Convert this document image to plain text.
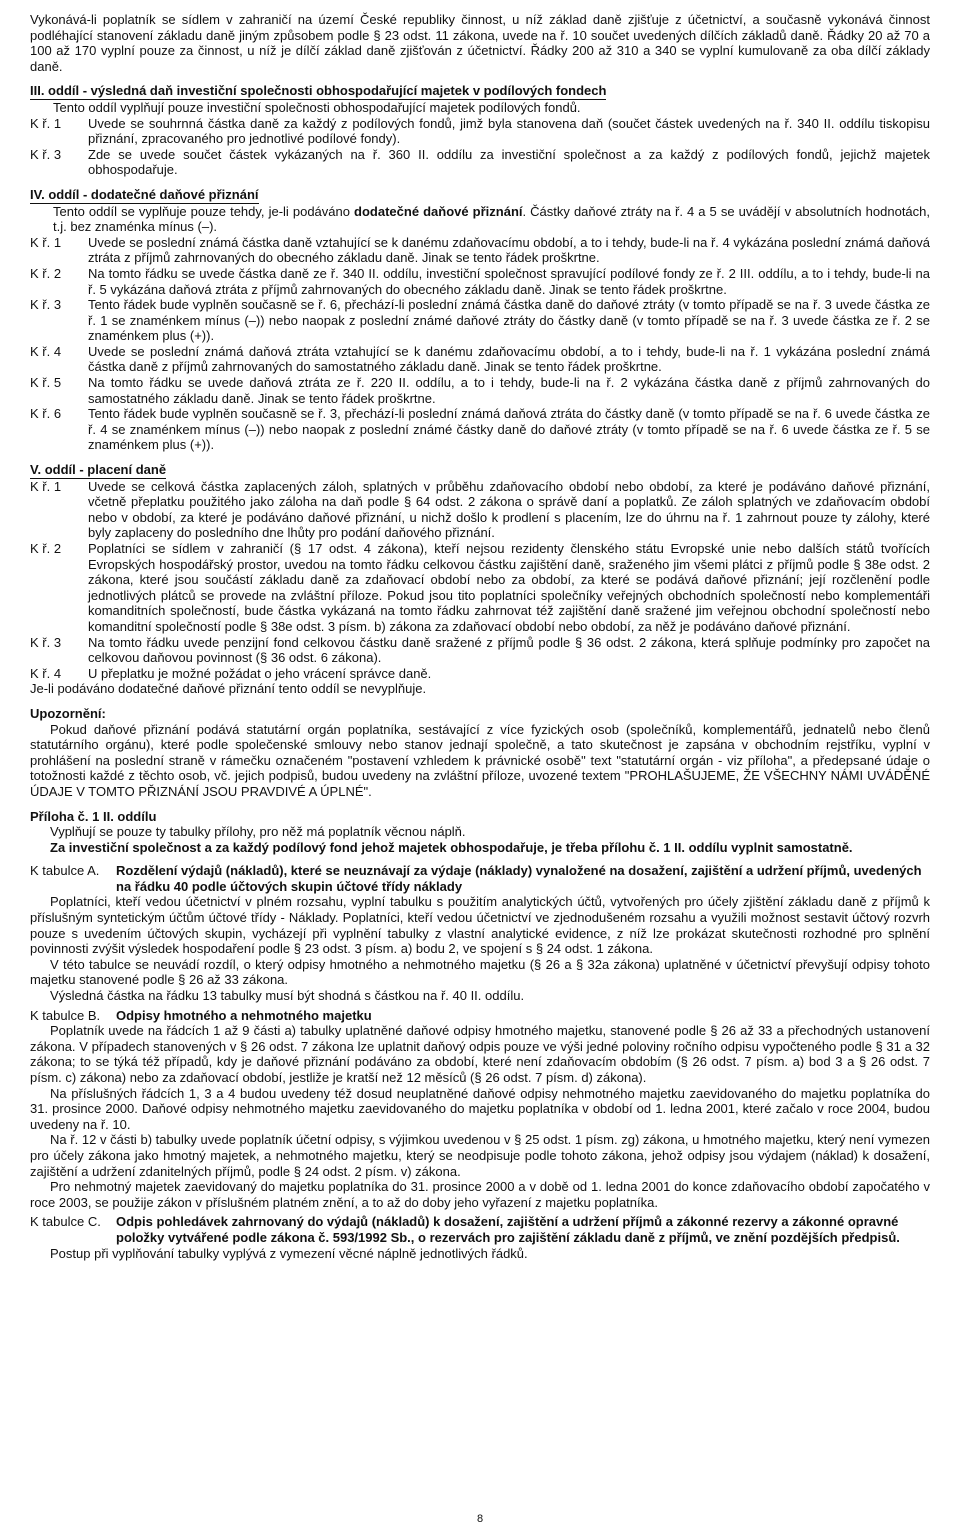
Vykonává-li poplatník se sídlem v zahraničí na území České republiky činnost, u níž základ daně zjišťuje z účetnictví, a současně vykonává činnost podléhající stanovení základu daně jiným způsobem podle § 23 odst. 11 zákona, uvede na ř. 10 součet uvedených dílčích základů daně. Řádky 20 až 70 a 100 až 170 vyplní pouze za činnost, u níž je dílčí základ daně zjišťován z účetnictví. Řádky 200 až 310 a 340 se vyplní kumulovaně za oba dílčí základy daně.

III. oddíl - výsledná daň investiční společnosti obhospodařující majetek v podílových fondech

Tento oddíl vyplňují pouze investiční společnosti obhospodařující majetek podílových fondů.

K ř. 1	Uvede se souhrnná částka daně za každý z podílových fondů, jimž byla stanovena daň (součet částek uvedených na ř. 340 II. oddílu tiskopisu přiznání, zpracovaného pro jednotlivé podílové fondy).
K ř. 3	Zde se uvede součet částek vykázaných na ř. 360 II. oddílu za investiční společnost a za každý z podílových fondů, jejichž majetek obhospodařuje.
IV. oddíl - dodatečné daňové přiznání

Tento oddíl se vyplňuje pouze tehdy, je-li podáváno dodatečné daňové přiznání. Částky daňové ztráty na ř. 4 a 5 se uvádějí v absolutních hodnotách, t.j. bez znaménka mínus (–).

K ř. 1	Uvede se poslední známá částka daně vztahující se k danému zdaňovacímu období, a to i tehdy, bude-li na ř. 4 vykázána poslední známá daňová ztráta z příjmů zahrnovaných do obecného základu daně. Jinak se tento řádek proškrtne.
K ř. 2	Na tomto řádku se uvede částka daně ze ř. 340 II. oddílu, investiční společnost spravující podílové fondy ze ř. 2 III. oddílu, a to i tehdy, bude-li na ř. 5 vykázána daňová ztráta z příjmů zahrnovaných do obecného základu daně. Jinak se tento řádek proškrtne.
K ř. 3	Tento řádek bude vyplněn současně se ř. 6, přechází-li poslední známá částka daně do daňové ztráty (v tomto případě se na ř. 3 uvede částka ze ř. 1 se znaménkem mínus (–)) nebo naopak z poslední známé daňové ztráty do částky daně (v tomto případě se na ř. 3 uvede částka ze ř. 2 se znaménkem plus (+)).
K ř. 4	Uvede se poslední známá daňová ztráta vztahující se k danému zdaňovacímu období, a to i tehdy, bude-li na ř. 1 vykázána poslední známá částka daně z příjmů zahrnovaných do samostatného základu daně. Jinak se tento řádek proškrtne.
K ř. 5	Na tomto řádku se uvede daňová ztráta ze ř. 220 II. oddílu, a to i tehdy, bude-li na ř. 2 vykázána částka daně z příjmů zahrnovaných do samostatného základu daně. Jinak se tento řádek proškrtne.
K ř. 6	Tento řádek bude vyplněn současně se ř. 3, přechází-li poslední známá daňová ztráta do částky daně (v tomto případě se na ř. 6 uvede částka ze ř. 4 se znaménkem mínus (–)) nebo naopak z poslední známé částky daně do daňové ztráty (v tomto případě se na ř. 6 uvede částka ze ř. 5 se znaménkem plus (+)).
V. oddíl - placení daně
K ř. 1	Uvede se celková částka zaplacených záloh, splatných v průběhu zdaňovacího období nebo období, za které je podáváno daňové přiznání, včetně přeplatku použitého jako záloha na daň podle § 64 odst. 2 zákona o správě daní a poplatků. Ze záloh splatných ve zdaňovacím období nebo v období, za které je podáváno daňové přiznání, u nichž došlo k prodlení s placením, lze do úhrnu na ř. 1 zahrnout pouze ty zálohy, které byly zaplaceny do posledního dne lhůty pro podání daňového přiznání.
K ř. 2	Poplatníci se sídlem v zahraničí (§ 17 odst. 4 zákona), kteří nejsou rezidenty členského státu Evropské unie nebo dalších států tvořících Evropských hospodářský prostor, uvedou na tomto řádku celkovou částku zajištění daně, sraženého jim všemi plátci z příjmů podle § 38e odst. 2 zákona, které jsou součástí základu daně za zdaňovací období nebo za období, za které se podává daňové přiznání; její rozčlenění podle jednotlivých plátců se provede na zvláštní příloze. Pokud jsou tito poplatníci společníky veřejných obchodních společností nebo komplementáři komanditních společností, bude částka vykázaná na tomto řádku zahrnovat též zajištění daně sražené jim veřejnou obchodní společností nebo komanditní společností podle § 38e odst. 3 písm. b) zákona za zdaňovací období nebo období, za něž je podáváno daňové přiznání.
K ř. 3	Na tomto řádku uvede penzijní fond celkovou částku daně sražené z příjmů podle § 36 odst. 2 zákona, která splňuje podmínky pro započet na celkovou daňovou povinnost (§ 36 odst. 6 zákona).
K ř. 4	U přeplatku je možné požádat o jeho vrácení správce daně.

Je-li podáváno dodatečné daňové přiznání tento oddíl se nevyplňuje.

Upozornění:

Pokud daňové přiznání podává statutární orgán poplatníka, sestávající z více fyzických osob (společníků, komplementářů, jednatelů nebo členů statutárního orgánu), které podle společenské smlouvy nebo stanov jednají společně, a tato skutečnost je zapsána v obchodním rejstříku, vyplní v prohlášení na poslední straně v rámečku označeném "postavení vzhledem k právnické osobě" text "statutární orgán - viz příloha", a předepsané údaje o totožnosti každé z těchto osob, vč. jejich podpisů, budou uvedeny na zvláštní příloze, uvozené textem "PROHLAŠUJEME, ŽE VŠECHNY NÁMI UVÁDĚNÉ ÚDAJE V TOMTO PŘIZNÁNÍ JSOU PRAVDIVÉ A ÚPLNÉ".

Příloha č. 1 II. oddílu

Vyplňují se pouze ty tabulky přílohy, pro něž má poplatník věcnou náplň.

Za investiční společnost a za každý podílový fond jehož majetek obhospodařuje, je třeba přílohu č. 1 II. oddílu vyplnit samostatně.

K tabulce A.	Rozdělení výdajů (nákladů), které se neuznávají za výdaje (náklady) vynaložené na dosažení, zajištění a udržení příjmů, uvedených na řádku 40 podle účtových skupin účtové třídy náklady

Poplatníci, kteří vedou účetnictví v plném rozsahu, vyplní tabulku s použitím analytických účtů, vytvořených pro účely zjištění základu daně z příjmů k příslušným syntetickým účtům účtové třídy - Náklady. Poplatníci, kteří vedou účetnictví ve zjednodušeném rozsahu a využili možnost sestavit účtový rozvrh pouze s uvedením účtových skupin, vycházejí při vyplnění tabulky z vlastní analytické evidence, z níž lze prokázat skutečnosti rozhodné pro splnění povinnosti zvýšit výsledek hospodaření podle § 23 odst. 3 písm. a) bodu 2, ve spojení s § 24 odst. 1 zákona.

V této tabulce se neuvádí rozdíl, o který odpisy hmotného a nehmotného majetku (§ 26 a § 32a zákona) uplatněné v účetnictví převyšují odpisy tohoto majetku stanovené podle § 26 až 33 zákona.

Výsledná částka na řádku 13 tabulky musí být shodná s částkou na ř. 40 II. oddílu.

K tabulce B.	Odpisy hmotného a nehmotného majetku

Poplatník uvede na řádcích 1 až 9 části a) tabulky uplatněné daňové odpisy hmotného majetku, stanovené podle § 26 až 33 a přechodných ustanovení zákona. V případech stanovených v § 26 odst. 7 zákona lze uplatnit daňový odpis pouze ve výši jedné poloviny ročního odpisu vypočteného podle § 31 a 32 zákona; to se týká též případů, kdy je daňové přiznání podáváno za období, které není zdaňovacím obdobím (§ 26 odst. 7 písm. a) bod 3 a § 26 odst. 7 písm. c) zákona) nebo za zdaňovací období, jestliže je kratší než 12 měsíců (§ 26 odst. 7 písm. d) zákona).

Na příslušných řádcích 1, 3 a 4 budou uvedeny též dosud neuplatněné daňové odpisy nehmotného majetku zaevidovaného do majetku poplatníka do 31. prosince 2000. Daňové odpisy nehmotného majetku zaevidovaného do majetku poplatníka v období od 1. ledna 2001, které začalo v roce 2004, budou uvedeny na ř. 10.

Na ř. 12 v části b) tabulky uvede poplatník účetní odpisy, s výjimkou uvedenou v § 25 odst. 1 písm. zg) zákona, u hmotného majetku, který není vymezen pro účely zákona jako hmotný majetek, a nehmotného majetku, který se neodpisuje podle tohoto zákona, jehož odpisy jsou výdajem (náklad) k dosažení, zajištění a udržení zdanitelných příjmů, podle § 24 odst. 2 písm. v) zákona.

Pro nehmotný majetek zaevidovaný do majetku poplatníka do 31. prosince 2000 a v době od 1. ledna 2001 do konce zdaňovacího období započatého v roce 2003, se použije zákon v příslušném platném znění, a to až do doby jeho vyřazení z majetku poplatníka.

K tabulce C.	Odpis pohledávek zahrnovaný do výdajů (nákladů) k dosažení, zajištění a udržení příjmů a zákonné rezervy a zákonné opravné položky vytvářené podle zákona č. 593/1992 Sb., o rezervách pro zajištění základu daně z příjmů, ve znění pozdějších předpisů.

Postup při vyplňování tabulky vyplývá z vymezení věcné náplně jednotlivých řádků.

8
